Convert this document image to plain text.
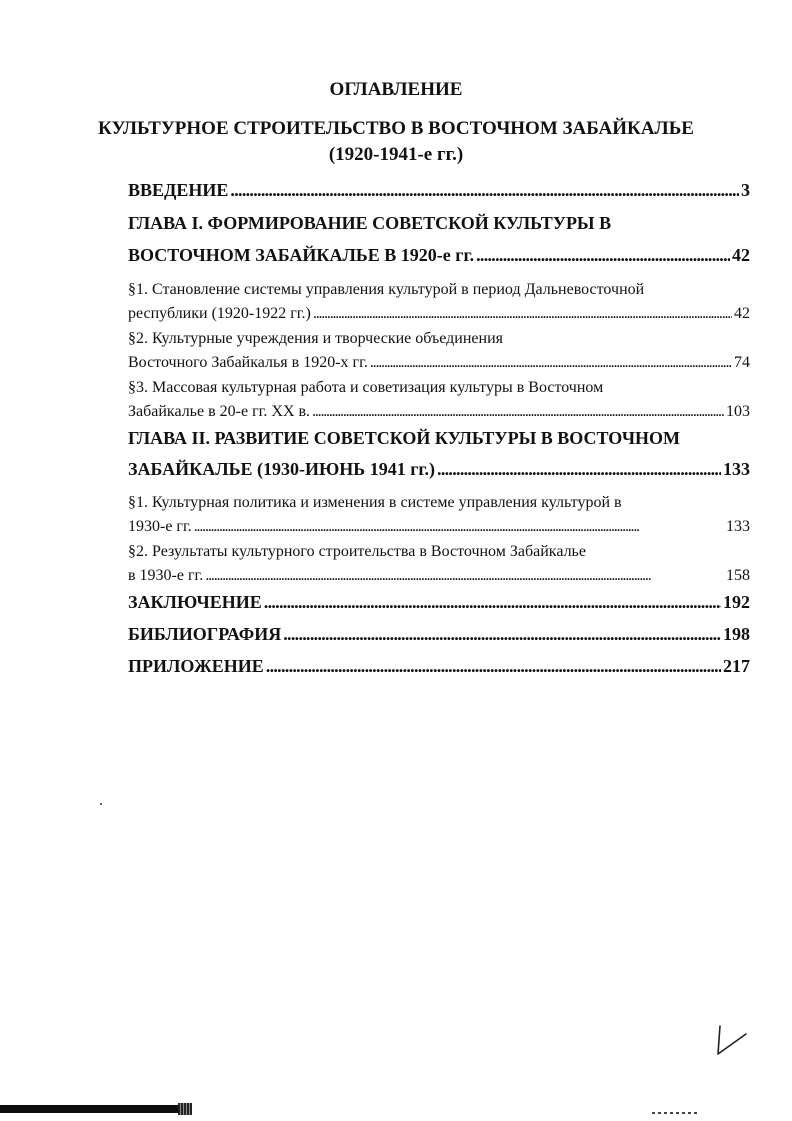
ОГЛАВЛЕНИЕ
КУЛЬТУРНОЕ СТРОИТЕЛЬСТВО В ВОСТОЧНОМ ЗАБАЙКАЛЬЕ
(1920-1941-е гг.)
ВВЕДЕНИЕ . . .	3
ГЛАВА I. ФОРМИРОВАНИЕ СОВЕТСКОЙ КУЛЬТУРЫ В
ВОСТОЧНОМ ЗАБАЙКАЛЬЕ В 1920-е гг. . . .	42
§1. Становление системы управления культурой в период Дальневосточной
республики (1920-1922 гг.) . . .	42
§2. Культурные учреждения и творческие объединения
Восточного Забайкалья в 1920-х гг. . . .	74
§3. Массовая культурная работа и советизация культуры в Восточном
Забайкалье в 20-е гг. XX в. . . .	103
ГЛАВА II. РАЗВИТИЕ СОВЕТСКОЙ КУЛЬТУРЫ В ВОСТОЧНОМ
ЗАБАЙКАЛЬЕ (1930-ИЮНЬ 1941 гг.) . . .	133
§1. Культурная политика и изменения в системе управления культурой в
1930-е гг. . . .	133
§2. Результаты культурного строительства в Восточном Забайкалье
в 1930-е гг. . . .	158
ЗАКЛЮЧЕНИЕ . . .	192
БИБЛИОГРАФИЯ . . .	198
ПРИЛОЖЕНИЕ . . .	217
